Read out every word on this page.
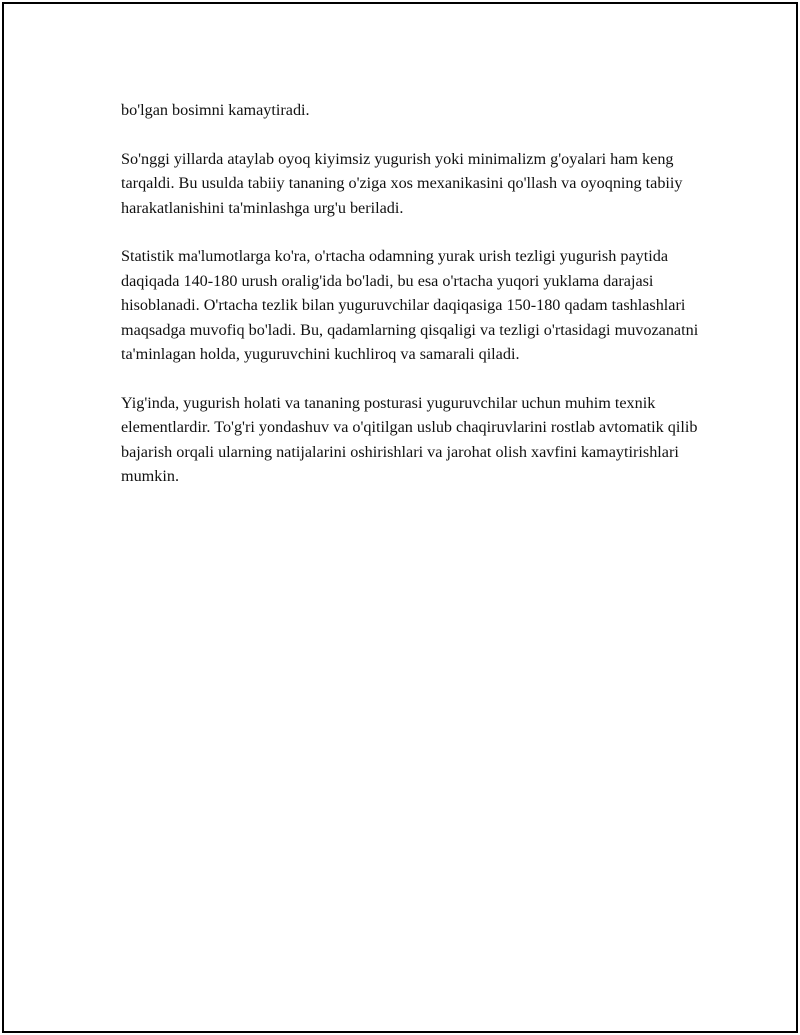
bo'lgan bosimni kamaytiradi.

So'nggi yillarda ataylab oyoq kiyimsiz yugurish yoki minimalizm g'oyalari ham keng tarqaldi. Bu usulda tabiiy tananing o'ziga xos mexanikasini qo'llash va oyoqning tabiiy harakatlanishini ta'minlashga urg'u beriladi.

Statistik ma'lumotlarga ko'ra, o'rtacha odamning yurak urish tezligi yugurish paytida daqiqada 140-180 urush oralig'ida bo'ladi, bu esa o'rtacha yuqori yuklama darajasi hisoblanadi. O'rtacha tezlik bilan yuguruvchilar daqiqasiga 150-180 qadam tashlashlari maqsadga muvofiq bo'ladi. Bu, qadamlarning qisqaligi va tezligi o'rtasidagi muvozanatni ta'minlagan holda, yuguruvchini kuchliroq va samarali qiladi.

Yig'inda, yugurish holati va tananing posturasi yuguruvchilar uchun muhim texnik elementlardir. To'g'ri yondashuv va o'qitilgan uslub chaqiruvlarini rostlab avtomatik qilib bajarish orqali ularning natijalarini oshirishlari va jarohat olish xavfini kamaytirishlari mumkin.
